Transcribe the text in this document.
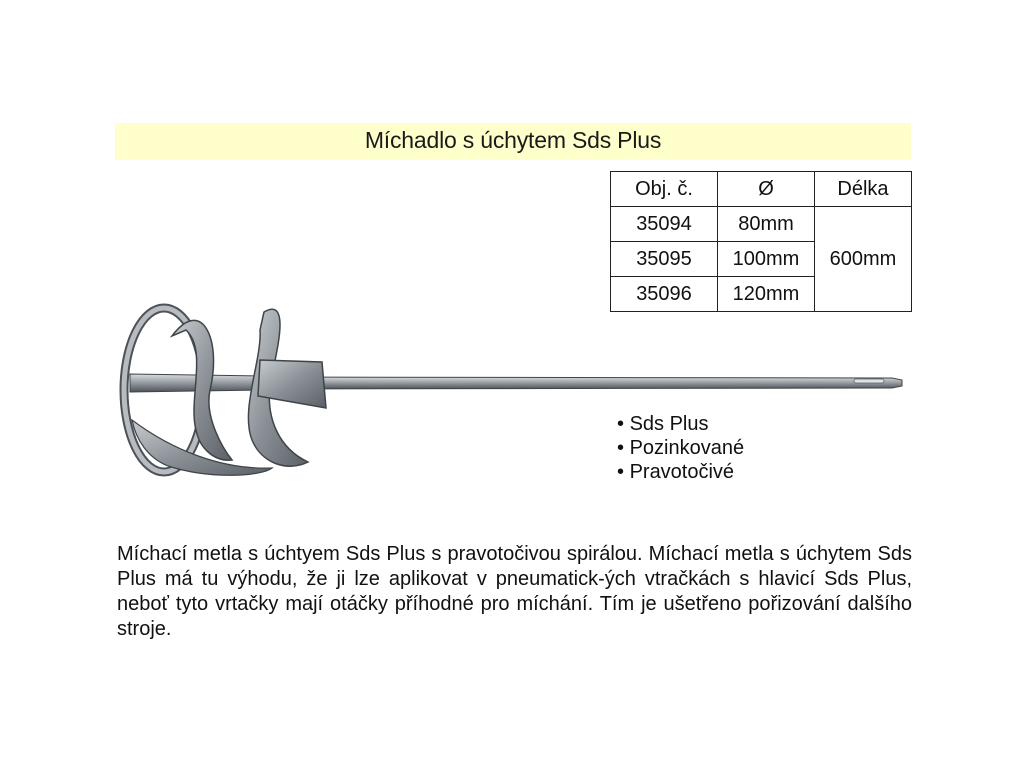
Míchadlo s úchytem Sds Plus
Obj. č.	Ø	Délka
35094	80mm	600mm
35095	100mm	
35096	120mm	
• Sds Plus
• Pozinkované
• Pravotočivé

Míchací metla s úchtyem Sds Plus s pravotočivou spirálou. Míchací metla s úchytem Sds Plus má tu výhodu, že ji lze aplikovat v pneumatick-ých vtračkách s hlavicí Sds Plus, neboť tyto vrtačky mají otáčky příhodné pro míchání. Tím je ušetřeno pořizování dalšího stroje.
